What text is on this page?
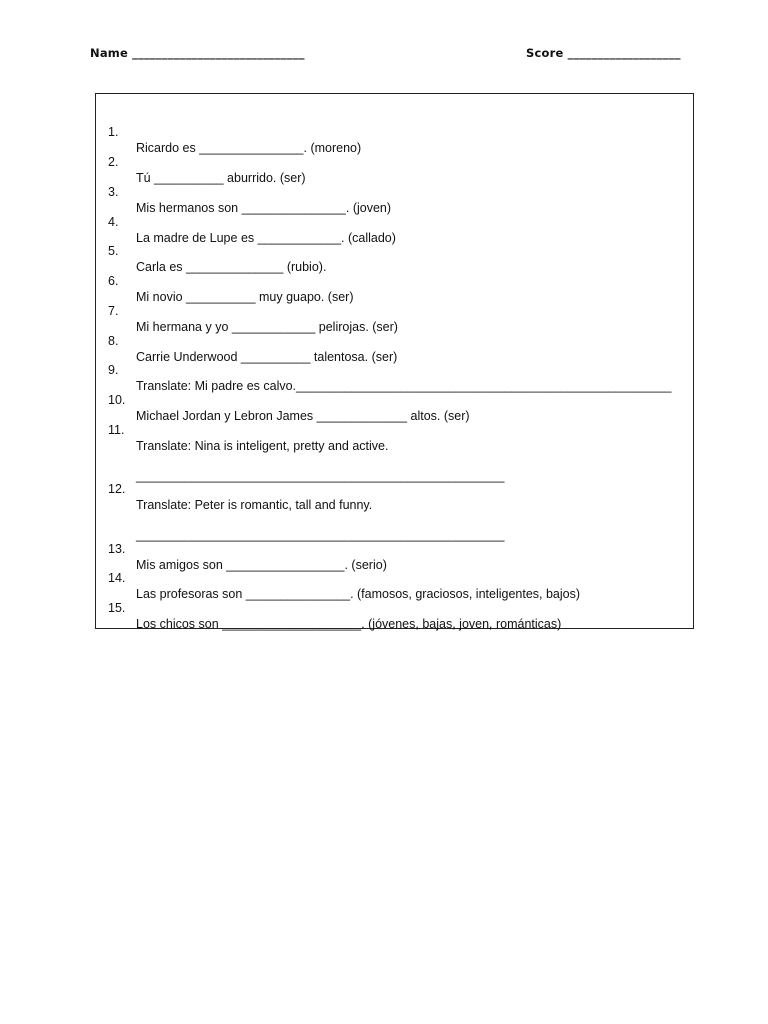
Name _____________________________	Score ___________________

1.

Ricardo es _______________. (moreno)

2.

Tú __________ aburrido. (ser)

3.

Mis hermanos son _______________. (joven)

4.

La madre de Lupe es ____________. (callado)

5.

Carla es ______________ (rubio).

6.

Mi novio __________ muy guapo. (ser)

7.

Mi hermana y yo ____________ pelirojas. (ser)

8.

Carrie Underwood __________ talentosa. (ser)

9.

Translate: Mi padre es calvo.______________________________________________________

10.

Michael Jordan y Lebron James _____________ altos. (ser)

11.

Translate: Nina is inteligent, pretty and active.

_____________________________________________________

12.

Translate: Peter is romantic, tall and funny.

_____________________________________________________

13.

Mis amigos son _________________. (serio)

14.

Las profesoras son _______________. (famosos, graciosos, inteligentes, bajos)

15.

Los chicos son ____________________. (jóvenes, bajas, joven, románticas)
